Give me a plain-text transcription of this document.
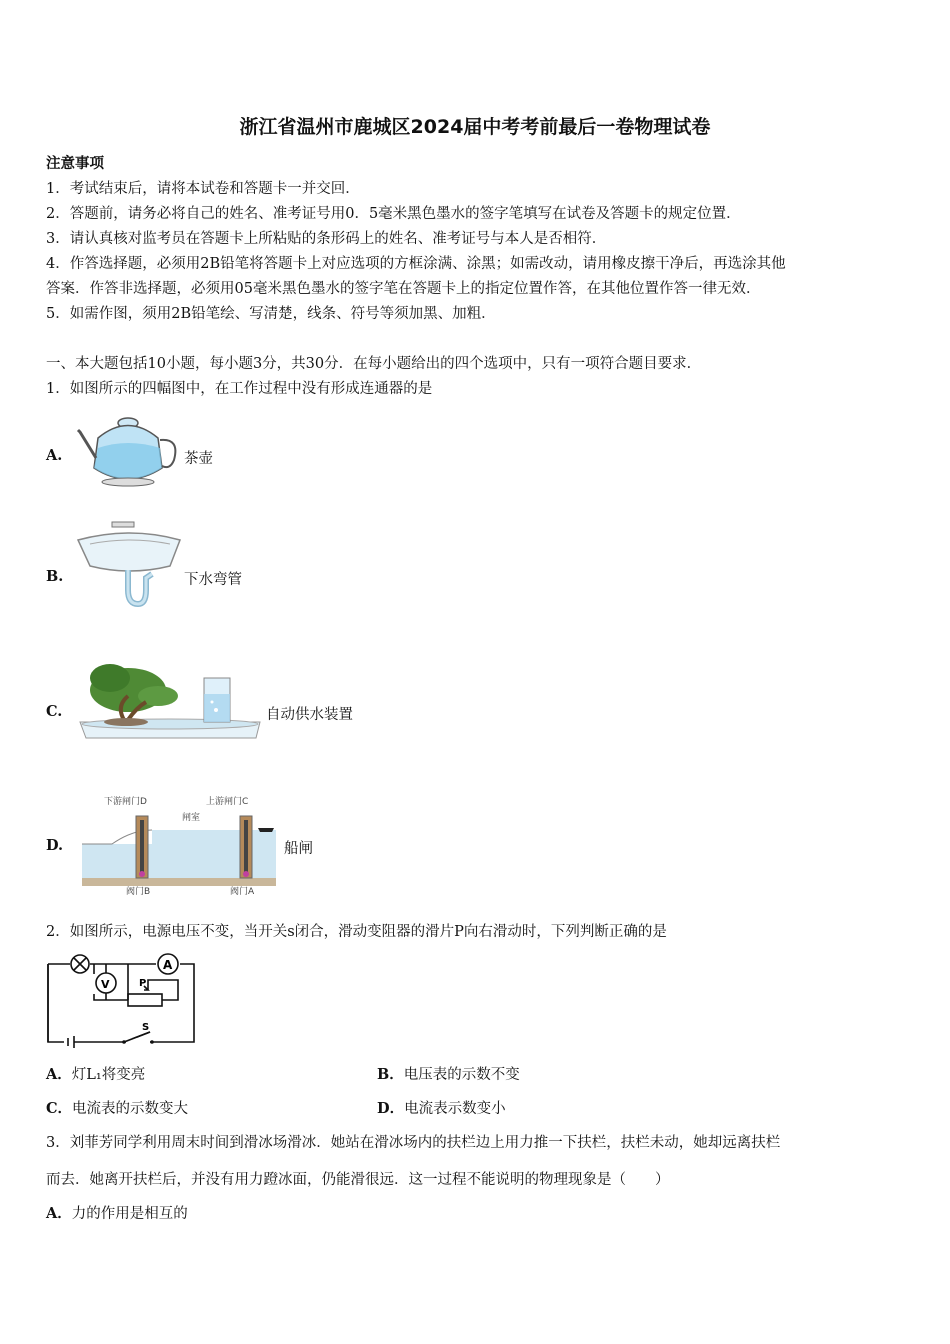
浙江省温州市鹿城区2024届中考考前最后一卷物理试卷
注意事项
1．考试结束后，请将本试卷和答题卡一并交回．
2．答题前，请务必将自己的姓名、准考证号用0．5毫米黑色墨水的签字笔填写在试卷及答题卡的规定位置．
3．请认真核对监考员在答题卡上所粘贴的条形码上的姓名、准考证号与本人是否相符．
4．作答选择题，必须用2B铅笔将答题卡上对应选项的方框涂满、涂黑；如需改动，请用橡皮擦干净后，再选涂其他
答案．作答非选择题，必须用05毫米黑色墨水的签字笔在答题卡上的指定位置作答，在其他位置作答一律无效．
5．如需作图，须用2B铅笔绘、写清楚，线条、符号等须加黑、加粗．
一、本大题包括10小题，每小题3分，共30分．在每小题给出的四个选项中，只有一项符合题目要求．
1．如图所示的四幅图中，在工作过程中没有形成连通器的是
A.	茶壶
B.	下水弯管
C.	自动供水装置
D.
下游闸门D	上游闸门C
闸室
阀门B	阀门A
船闸
2．如图所示，电源电压不变，当开关s闭合，滑动变阻器的滑片P向右滑动时，下列判断正确的是
A
V	P
S
A．灯L₁将变亮	B．电压表的示数不变
C．电流表的示数变大	D．电流表示数变小
3．刘菲芳同学利用周末时间到滑冰场滑冰．她站在滑冰场内的扶栏边上用力推一下扶栏，扶栏未动，她却远离扶栏
而去．她离开扶栏后，并没有用力蹬冰面，仍能滑很远．这一过程不能说明的物理现象是（　　）
A．力的作用是相互的
